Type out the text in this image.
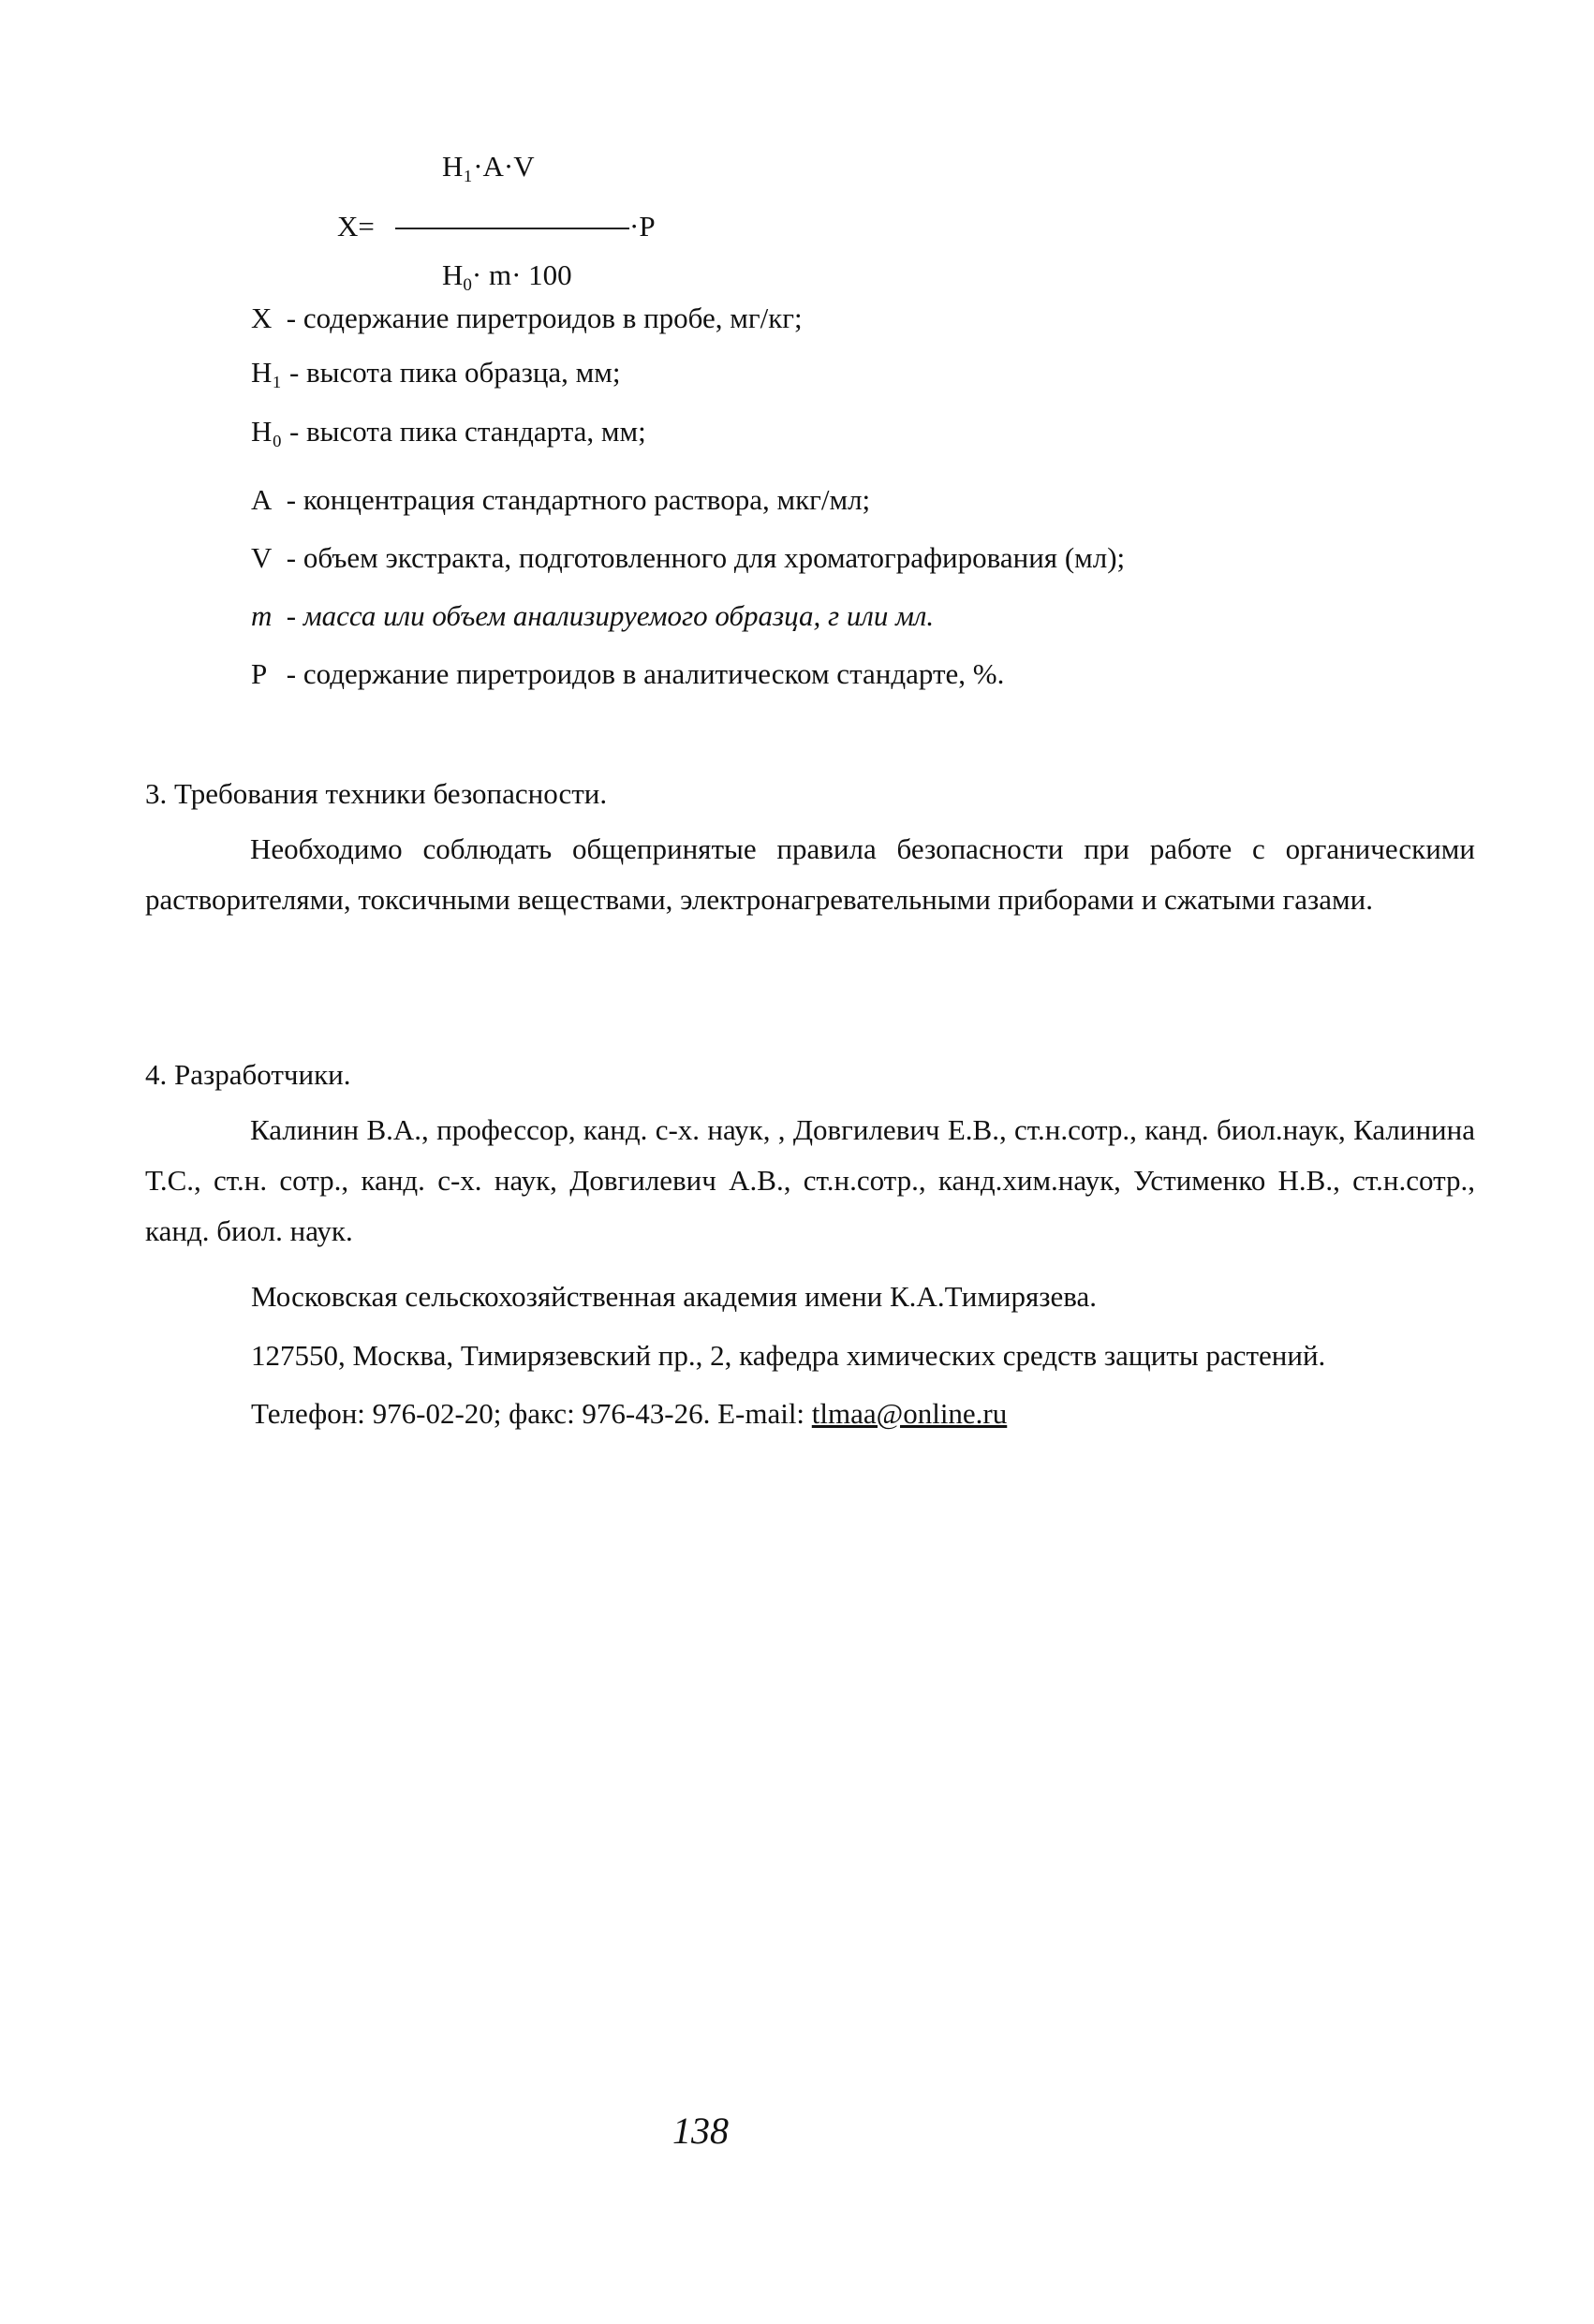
H₁·A·V
X=	·P
$H_0\cdot m\cdot 100$
X - содержание пиретроидов в пробе, мг/кг;
H₁ - высота пика образца, мм;
H₀ - высота пика стандарта, мм;
A - концентрация стандартного раствора, мкг/мл;
V - объем экстракта, подготовленного для хроматографирования (мл);
m - масса или объем анализируемого образца, г или мл.
P - содержание пиретроидов в аналитическом стандарте, %.
3. Требования техники безопасности.
Необходимо соблюдать общепринятые правила безопасности при работе с органическими растворителями, токсичными веществами, электронагревательными приборами и сжатыми газами.
4. Разработчики.
Калинин В.А., профессор, канд. с-х. наук, , Довгилевич Е.В., ст.н.сотр., канд. биол.наук, Калинина Т.С., ст.н. сотр., канд. с-х. наук, Довгилевич А.В., ст.н.сотр., канд.хим.наук, Устименко Н.В., ст.н.сотр., канд. биол. наук.
Московская сельскохозяйственная академия имени К.А.Тимирязева.
127550, Москва, Тимирязевский пр., 2, кафедра химических средств защиты растений.
Телефон: 976-02-20; факс: 976-43-26. E-mail: tlmaa@online.ru
138
